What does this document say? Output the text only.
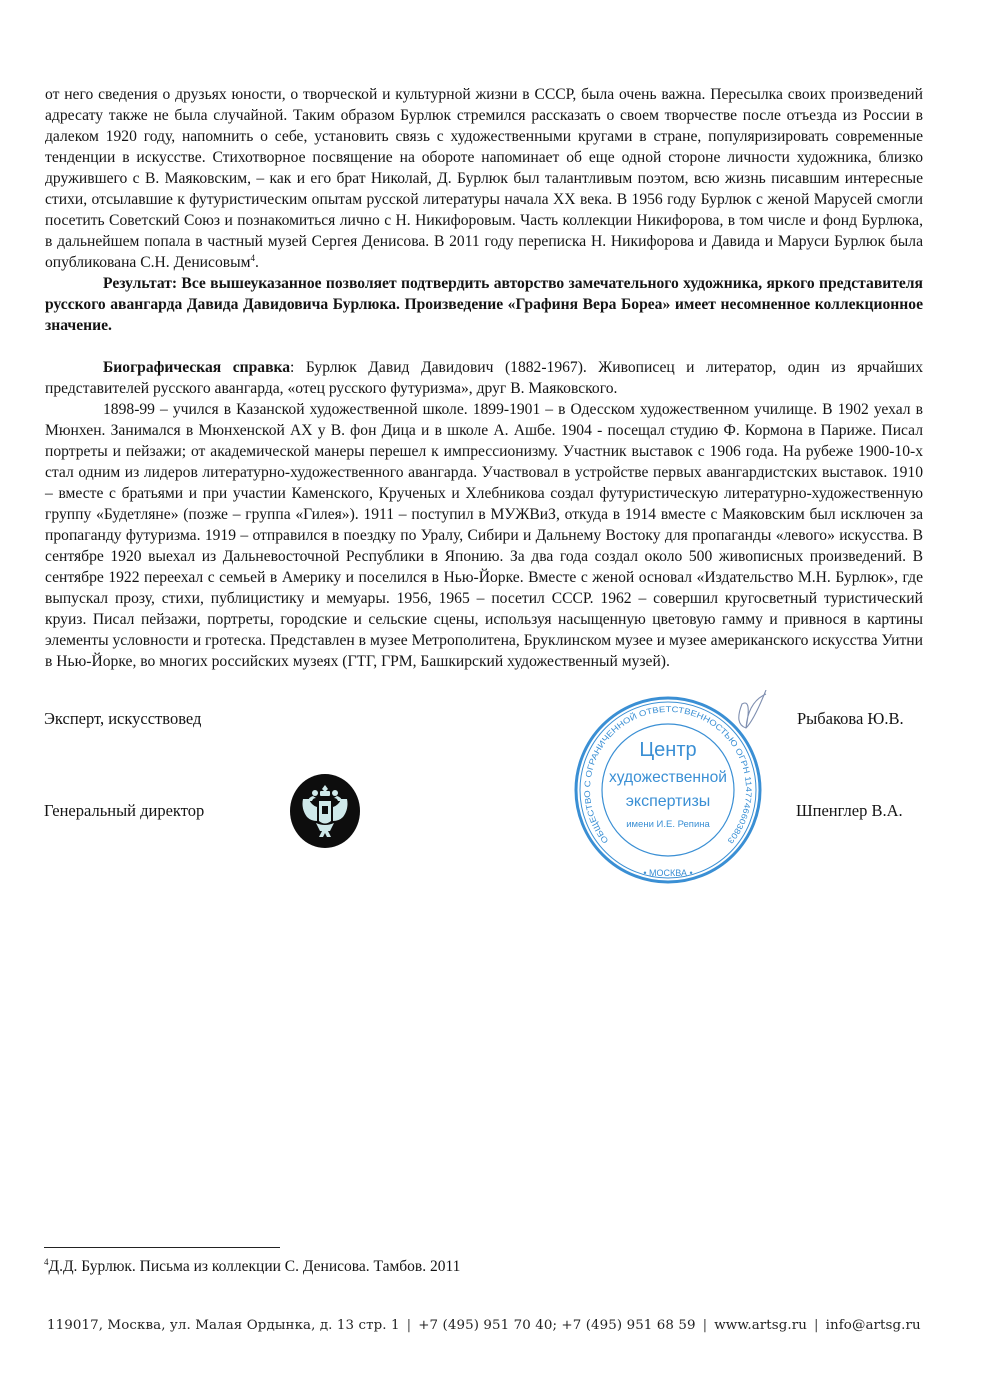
от него сведения о друзьях юности, о творческой и культурной жизни в СССР, была очень важна. Пересылка своих произведений адресату также не была случайной. Таким образом Бурлюк стремился рассказать о своем творчестве после отъезда из России в далеком 1920 году, напомнить о себе, установить связь с художественными кругами в стране, популяризировать современные тенденции в искусстве. Стихотворное посвящение на обороте напоминает об еще одной стороне личности художника, близко дружившего с В. Маяковским, – как и его брат Николай, Д. Бурлюк был талантливым поэтом, всю жизнь писавшим интересные стихи, отсылавшие к футуристическим опытам русской литературы начала XX века. В 1956 году Бурлюк с женой Марусей смогли посетить Советский Союз и познакомиться лично с Н. Никифоровым. Часть коллекции Никифорова, в том числе и фонд Бурлюка, в дальнейшем попала в частный музей Сергея Денисова. В 2011 году переписка Н. Никифорова и Давида и Маруси Бурлюк была опубликована С.Н. Денисовым$^4$.

Результат: Все вышеуказанное позволяет подтвердить авторство замечательного художника, яркого представителя русского авангарда Давида Давидовича Бурлюка. Произведение «Графиня Вера Бореа» имеет несомненное коллекционное значение.

Биографическая справка: Бурлюк Давид Давидович (1882-1967). Живописец и литератор, один из ярчайших представителей русского авангарда, «отец русского футуризма», друг В. Маяковского.

1898-99 – учился в Казанской художественной школе. 1899-1901 – в Одесском художественном училище. В 1902 уехал в Мюнхен. Занимался в Мюнхенской АХ у В. фон Дица и в школе А. Ашбе. 1904 - посещал студию Ф. Кормона в Париже. Писал портреты и пейзажи; от академической манеры перешел к импрессионизму. Участник выставок с 1906 года. На рубеже 1900-10-х стал одним из лидеров литературно-художественного авангарда. Участвовал в устройстве первых авангардистских выставок. 1910 – вместе с братьями и при участии Каменского, Крученых и Хлебникова создал футуристическую литературно-художественную группу «Будетляне» (позже – группа «Гилея»). 1911 – поступил в МУЖВиЗ, откуда в 1914 вместе с Маяковским был исключен за пропаганду футуризма. 1919 – отправился в поездку по Уралу, Сибири и Дальнему Востоку для пропаганды «левого» искусства. В сентябре 1920 выехал из Дальневосточной Республики в Японию. За два года создал около 500 живописных произведений. В сентябре 1922 переехал с семьей в Америку и поселился в Нью-Йорке. Вместе с женой основал «Издательство М.Н. Бурлюк», где выпускал прозу, стихи, публицистику и мемуары. 1956, 1965 – посетил СССР. 1962 – совершил кругосветный туристический круиз. Писал пейзажи, портреты, городские и сельские сцены, используя насыщенную цветовую гамму и привнося в картины элементы условности и гротеска. Представлен в музее Метрополитена, Бруклинском музее и музее американского искусства Уитни в Нью-Йорке, во многих российских музеях (ГТГ, ГРМ, Башкирский художественный музей).

Эксперт, искусствовед	Рыбакова Ю.В.
Генеральный директор	Шпенглер В.А.
ОБЩЕСТВО С ОГРАНИЧЕННОЙ ОТВЕТСТВЕННОСТЬЮ ОГРН 1147746603803
• МОСКВА •
Центр
художественной
экспертизы
имени И.Е. Репина
$^4$Д.Д. Бурлюк. Письма из коллекции С. Денисова. Тамбов. 2011
119017, Москва, ул. Малая Ордынка, д. 13 стр. 1 | +7 (495) 951 70 40; +7 (495) 951 68 59 | www.artsg.ru | info@artsg.ru
